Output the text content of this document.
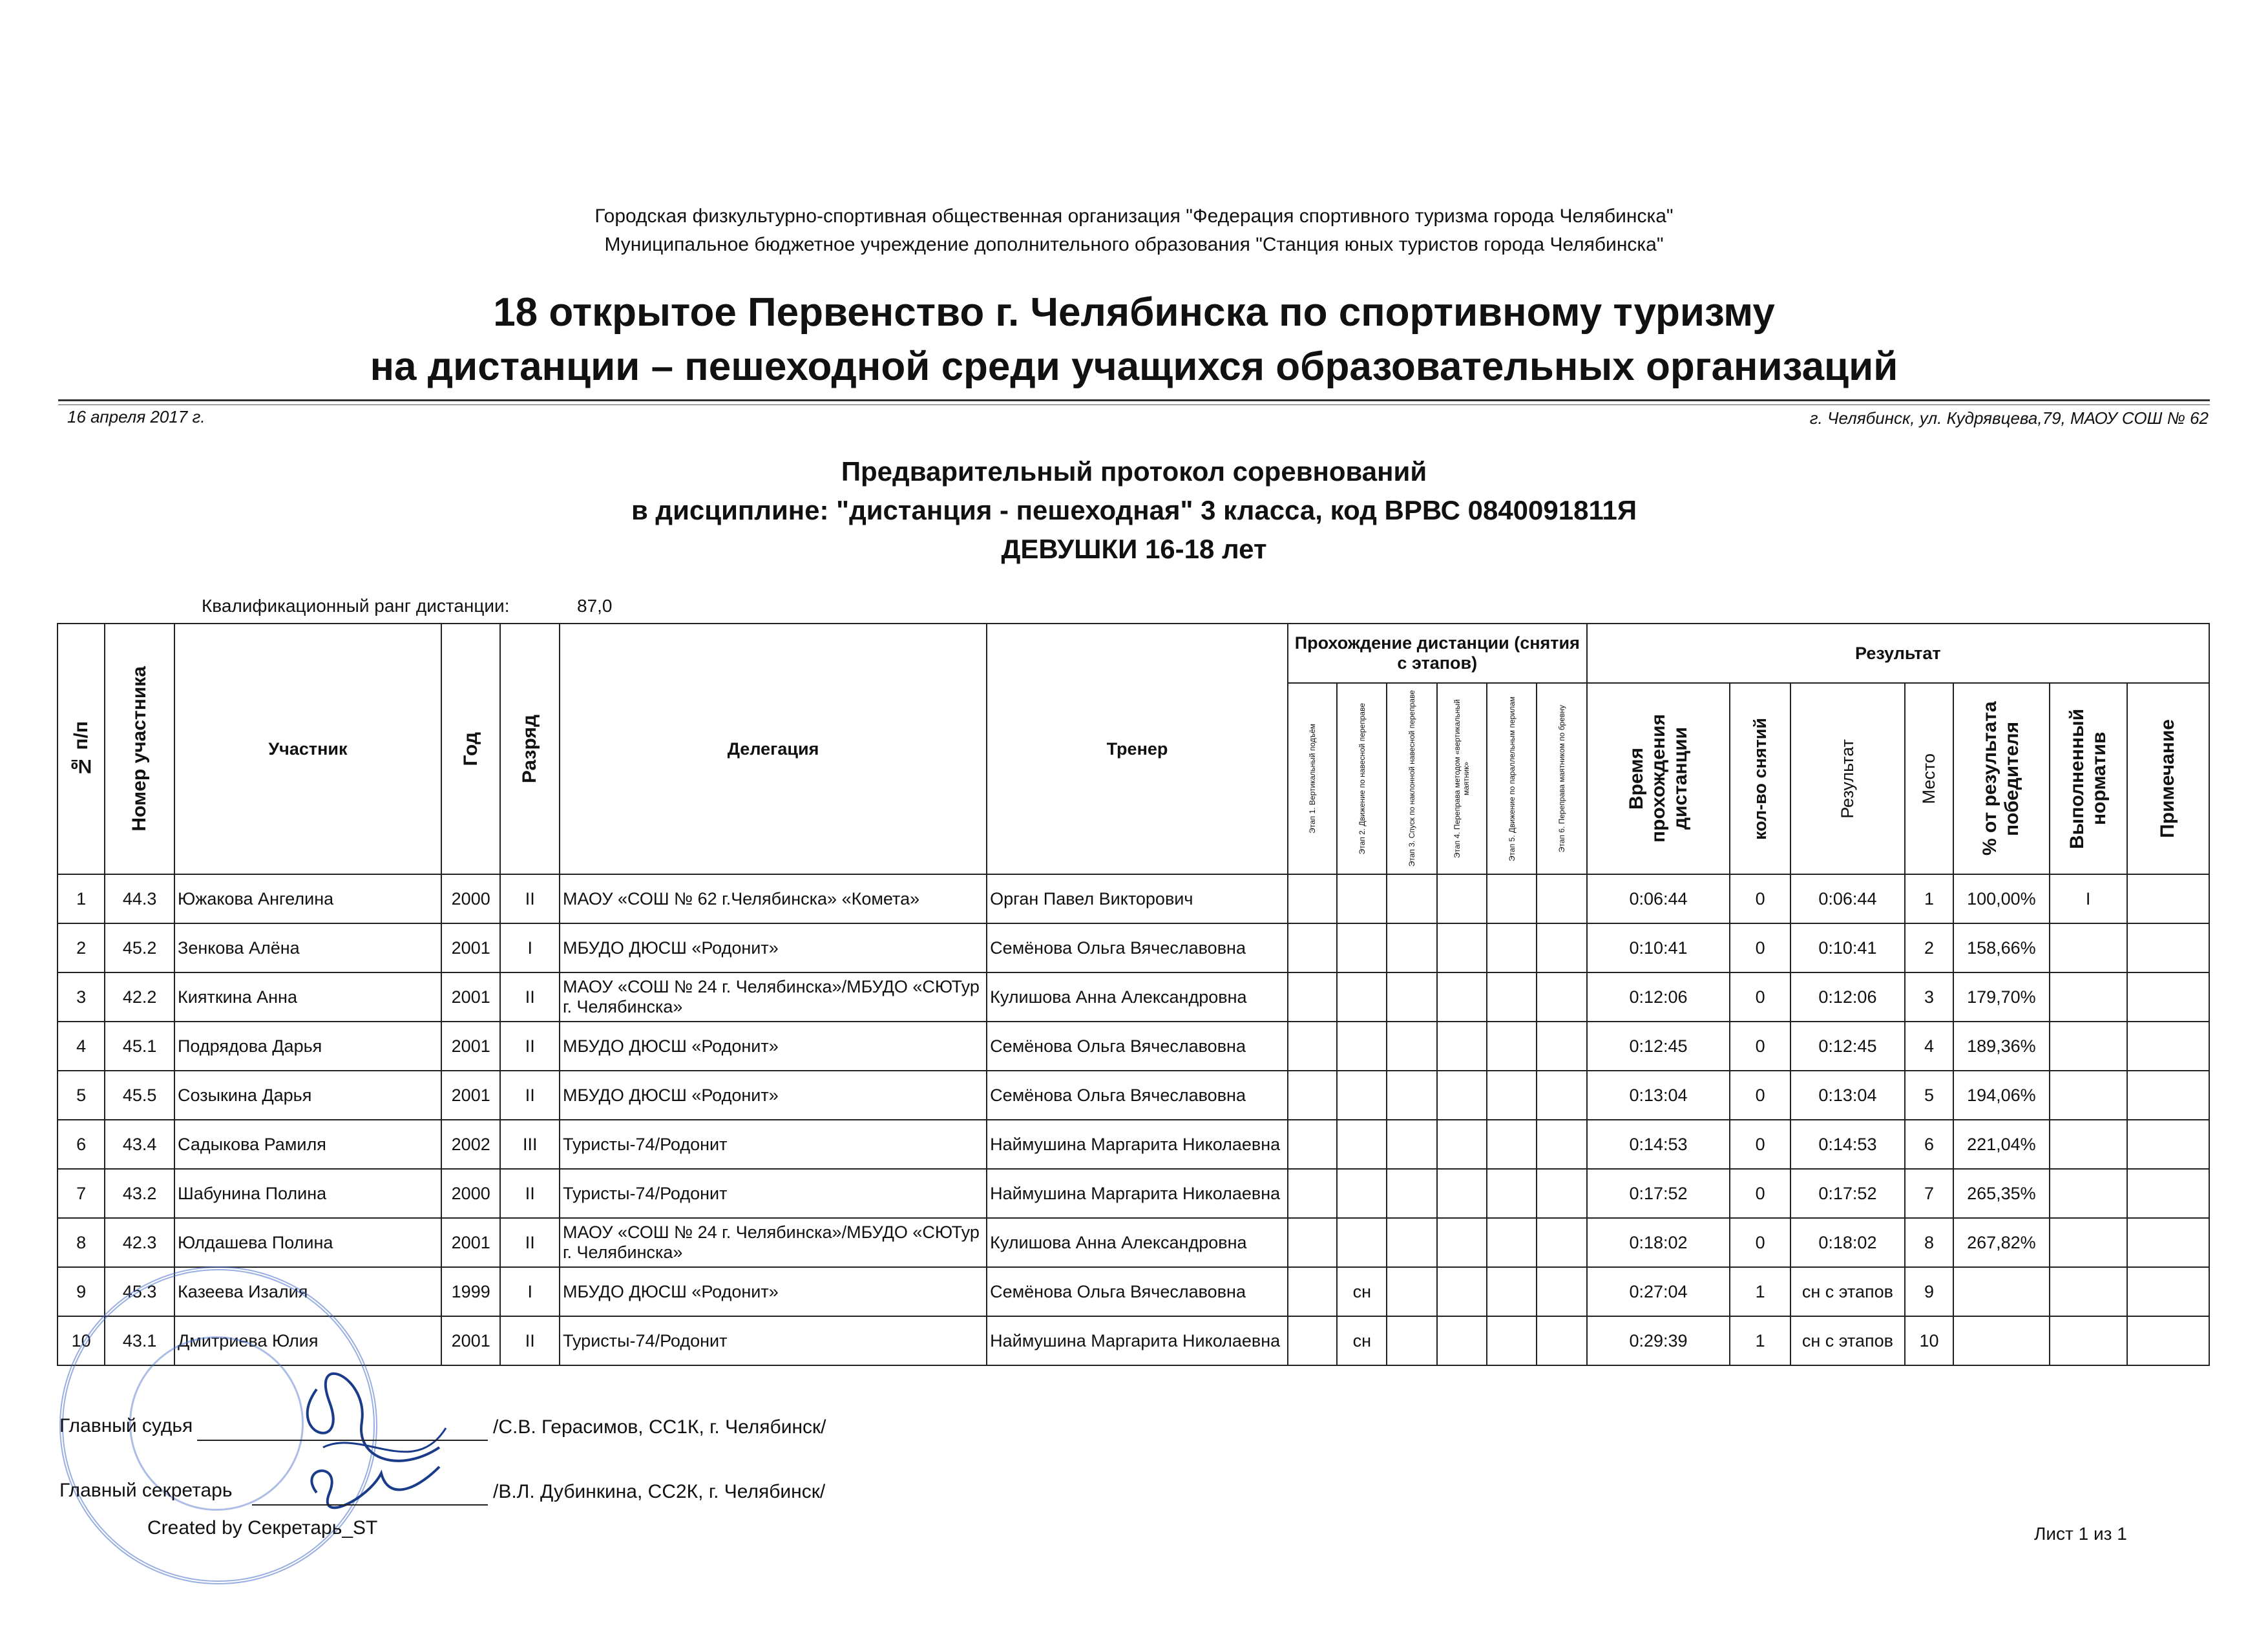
Городская физкультурно-спортивная общественная организация "Федерация спортивного туризма города Челябинска"
Муниципальное бюджетное учреждение дополнительного образования "Станция юных туристов города Челябинска"
18 открытое Первенство г. Челябинска по спортивному туризму
на дистанции – пешеходной среди учащихся образовательных организаций
16 апреля 2017 г.	г. Челябинск, ул. Кудрявцева,79, МАОУ СОШ № 62
Предварительный протокол соревнований
в дисциплине: "дистанция - пешеходная" 3 класса, код ВРВС 0840091811Я
ДЕВУШКИ 16-18 лет
Квалификационный ранг дистанции:	87,0
№ п/п	Номер участника	Участник	Год	Разряд	Делегация	Тренер	Прохождение дистанции (снятия с этапов)						Результат						

							Этап 1. Вертикальный подъём	Этап 2. Движение по навесной переправе	Этап 3. Спуск по наклонной навесной переправе	Этап 4. Переправа методом «вертикальный маятник»	Этап 5. Движение по параллельным перилам	Этап 6. Переправа маятником по бревну	Время прохождения дистанции	кол-во снятий	Результат	Место	% от результата победителя	Выполненный норматив	Примечание

1	44.3	Южакова Ангелина	2000	II	МАОУ «СОШ № 62 г.Челябинска» «Комета»	Орган Павел Викторович							0:06:44	0	0:06:44	1	100,00%	I	
2	45.2	Зенкова Алёна	2001	I	МБУДО ДЮСШ «Родонит»	Семёнова Ольга Вячеславовна							0:10:41	0	0:10:41	2	158,66%		
3	42.2	Кияткина Анна	2001	II	МАОУ «СОШ № 24 г. Челябинска»/МБУДО «СЮТур г. Челябинска»	Кулишова Анна Александровна							0:12:06	0	0:12:06	3	179,70%		
4	45.1	Подрядова Дарья	2001	II	МБУДО ДЮСШ «Родонит»	Семёнова Ольга Вячеславовна							0:12:45	0	0:12:45	4	189,36%		
5	45.5	Созыкина Дарья	2001	II	МБУДО ДЮСШ «Родонит»	Семёнова Ольга Вячеславовна							0:13:04	0	0:13:04	5	194,06%		
6	43.4	Садыкова Рамиля	2002	III	Туристы-74/Родонит	Наймушина Маргарита Николаевна							0:14:53	0	0:14:53	6	221,04%		
7	43.2	Шабунина Полина	2000	II	Туристы-74/Родонит	Наймушина Маргарита Николаевна							0:17:52	0	0:17:52	7	265,35%		
8	42.3	Юлдашева Полина	2001	II	МАОУ «СОШ № 24 г. Челябинска»/МБУДО «СЮТур г. Челябинска»	Кулишова Анна Александровна							0:18:02	0	0:18:02	8	267,82%		
9	45.3	Казеева Изалия	1999	I	МБУДО ДЮСШ «Родонит»	Семёнова Ольга Вячеславовна		сн					0:27:04	1	сн с этапов	9			
10	43.1	Дмитриева Юлия	2001	II	Туристы-74/Родонит	Наймушина Маргарита Николаевна		сн					0:29:39	1	сн с этапов	10			
Главный судья	/С.В. Герасимов, СС1К, г. Челябинск/
Главный секретарь	/В.Л. Дубинкина, СС2К, г. Челябинск/
Created by Секретарь_ST	Лист 1 из 1
